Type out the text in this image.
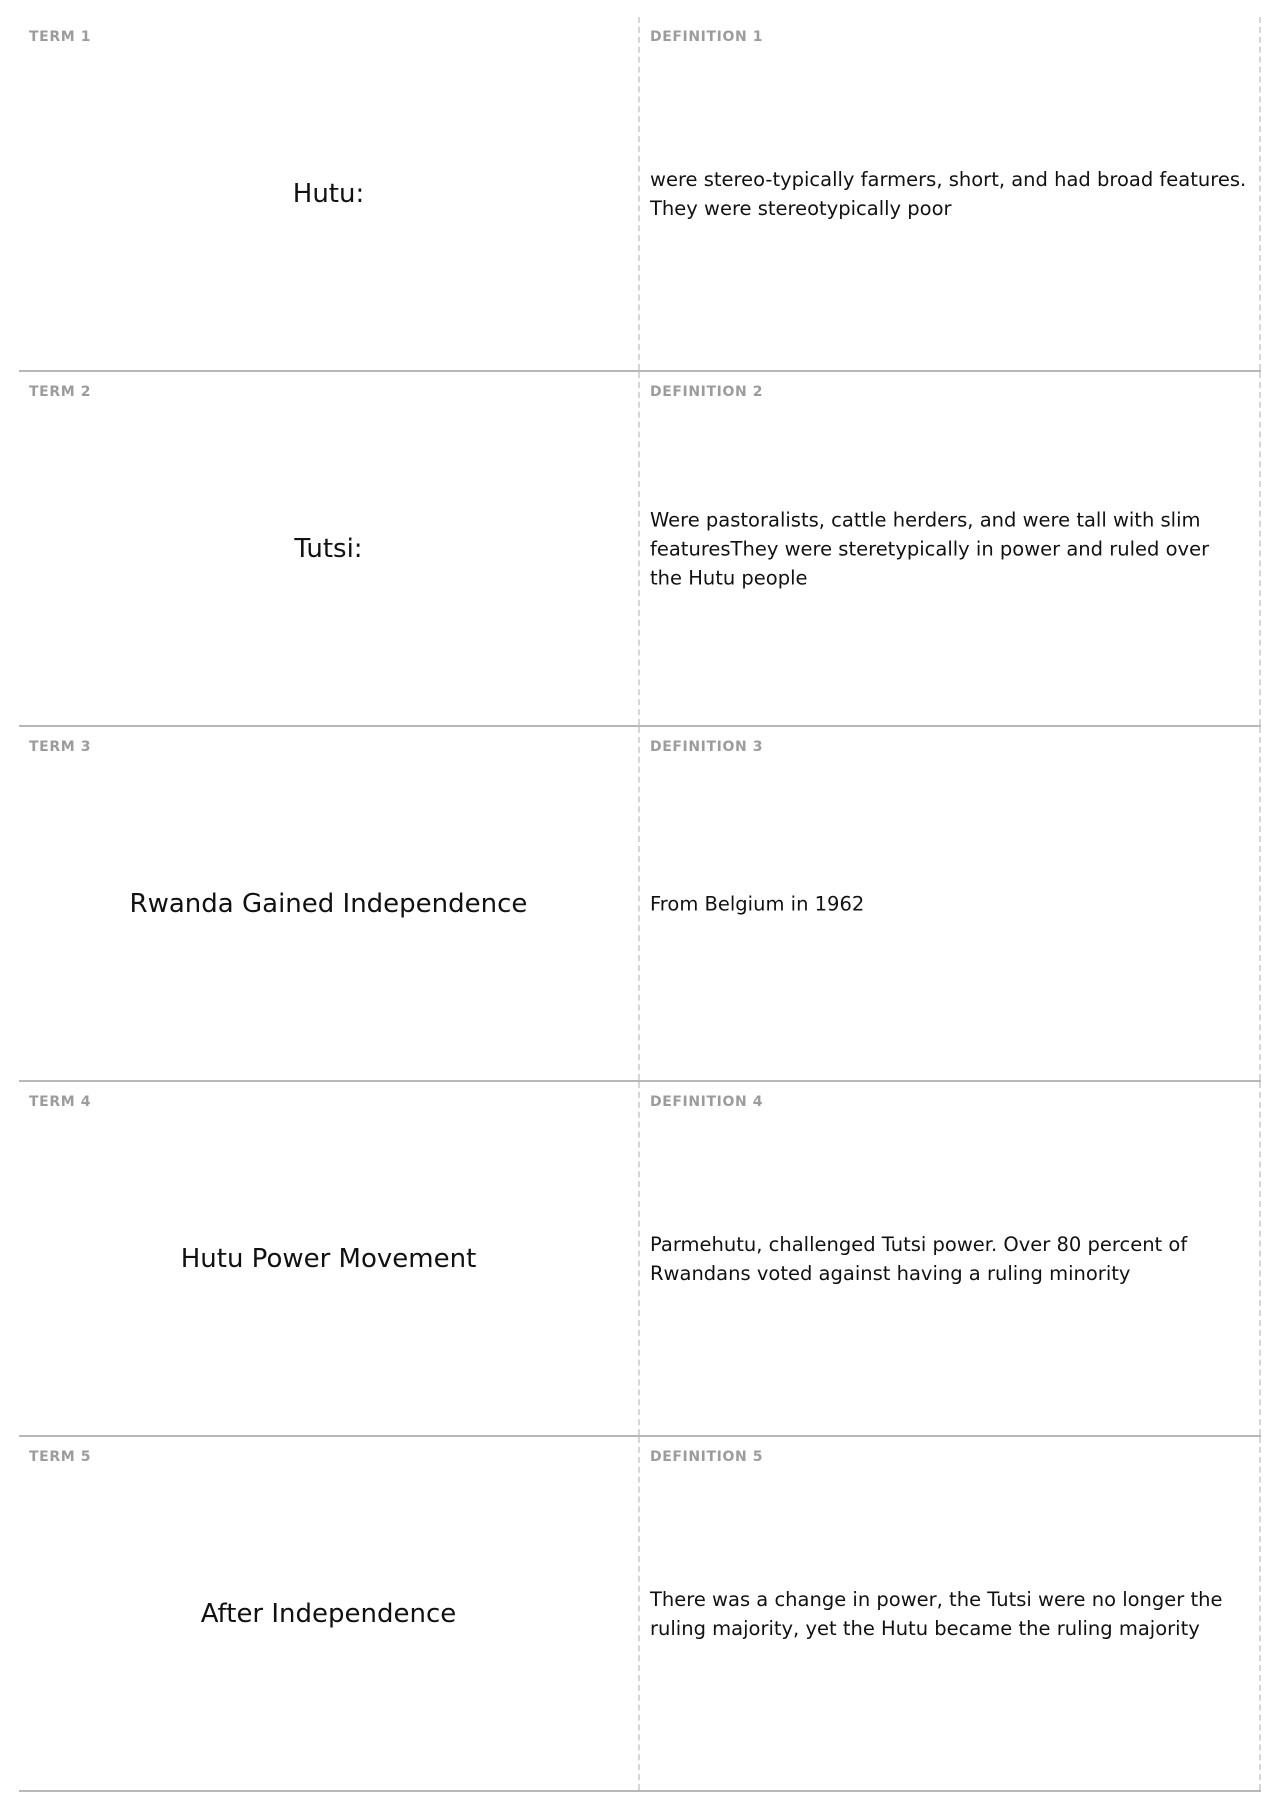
TERM 1
Hutu:
DEFINITION 1
were stereo-typically farmers, short, and had broad features. They were stereotypically poor
TERM 2
Tutsi:
DEFINITION 2
Were pastoralists, cattle herders, and were tall with slim featuresThey were steretypically in power and ruled over the Hutu people
TERM 3
Rwanda Gained Independence
DEFINITION 3
From Belgium in 1962
TERM 4
Hutu Power Movement
DEFINITION 4
Parmehutu, challenged Tutsi power. Over 80 percent of Rwandans voted against having a ruling minority
TERM 5
After Independence
DEFINITION 5
There was a change in power, the Tutsi were no longer the ruling majority, yet the Hutu became the ruling majority
